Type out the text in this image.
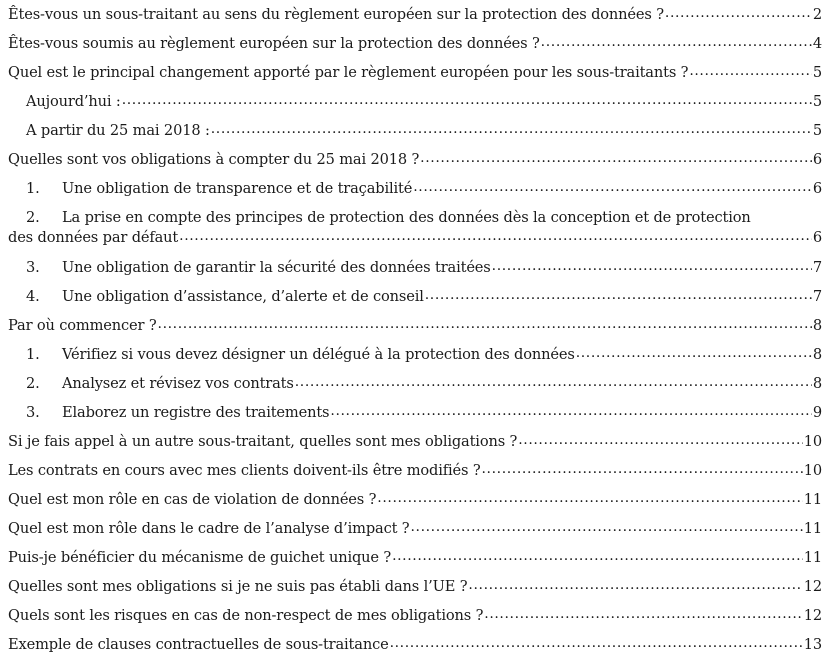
Êtes-vous un sous-traitant au sens du règlement européen sur la protection des données ? .....	2
Êtes-vous soumis au règlement européen sur la protection des données ? .....	4
Quel est le principal changement apporté par le règlement européen pour les sous-traitants ? .....	5
Aujourd’hui : .....	5
A partir du 25 mai 2018 : .....	5
Quelles sont vos obligations à compter du 25 mai 2018 ? .....	6
1.	Une obligation de transparence et de traçabilité .....	6
2.	La prise en compte des principes de protection des données dès la conception et de protection
des données par défaut .....	6
3.	Une obligation de garantir la sécurité des données traitées .....	7
4.	Une obligation d’assistance, d’alerte et de conseil .....	7
Par où commencer ? .....	8
1.	Vérifiez si vous devez désigner un délégué à la protection des données .....	8
2.	Analysez et révisez vos contrats .....	8
3.	Elaborez un registre des traitements .....	9
Si je fais appel à un autre sous-traitant, quelles sont mes obligations ? .....	10
Les contrats en cours avec mes clients doivent-ils être modifiés ? .....	10
Quel est mon rôle en cas de violation de données ? .....	11
Quel est mon rôle dans le cadre de l’analyse d’impact ? .....	11
Puis-je bénéficier du mécanisme de guichet unique ? .....	11
Quelles sont mes obligations si je ne suis pas établi dans l’UE ? .....	12
Quels sont les risques en cas de non-respect de mes obligations ? .....	12
Exemple de clauses contractuelles de sous-traitance .....	13
